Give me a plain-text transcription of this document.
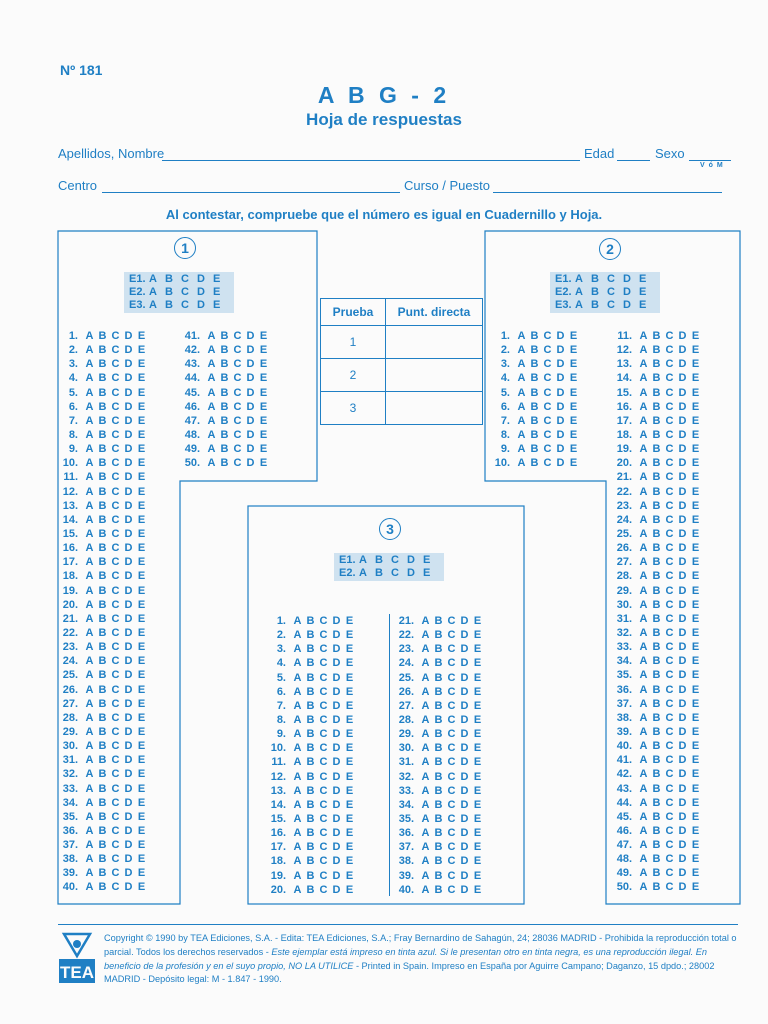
Nº 181
A B G - 2
Hoja de respuestas
Apellidos, Nombre	Edad	Sexo
V ó M
Centro	Curso / Puesto
Al contestar, compruebe que el número es igual en Cuadernillo y Hoja.
1	2
3
E1. A B C D E
E2. A B C D E
E3. A B C D E
E1. A B C D E
E2. A B C D E
E3. A B C D E
E1. A B C D E
E2. A B C D E
1. A B C D E
2. A B C D E
3. A B C D E
4. A B C D E
5. A B C D E
6. A B C D E
7. A B C D E
8. A B C D E
9. A B C D E
10. A B C D E
11. A B C D E
12. A B C D E
13. A B C D E
14. A B C D E
15. A B C D E
16. A B C D E
17. A B C D E
18. A B C D E
19. A B C D E
20. A B C D E
21. A B C D E
22. A B C D E
23. A B C D E
24. A B C D E
25. A B C D E
26. A B C D E
27. A B C D E
28. A B C D E
29. A B C D E
30. A B C D E
31. A B C D E
32. A B C D E
33. A B C D E
34. A B C D E
35. A B C D E
36. A B C D E
37. A B C D E
38. A B C D E
39. A B C D E
40. A B C D E
41. A B C D E
42. A B C D E
43. A B C D E
44. A B C D E
45. A B C D E
46. A B C D E
47. A B C D E
48. A B C D E
49. A B C D E
50. A B C D E
1. A B C D E
2. A B C D E
3. A B C D E
4. A B C D E
5. A B C D E
6. A B C D E
7. A B C D E
8. A B C D E
9. A B C D E
10. A B C D E
11. A B C D E
12. A B C D E
13. A B C D E
14. A B C D E
15. A B C D E
16. A B C D E
17. A B C D E
18. A B C D E
19. A B C D E
20. A B C D E
21. A B C D E
22. A B C D E
23. A B C D E
24. A B C D E
25. A B C D E
26. A B C D E
27. A B C D E
28. A B C D E
29. A B C D E
30. A B C D E
31. A B C D E
32. A B C D E
33. A B C D E
34. A B C D E
35. A B C D E
36. A B C D E
37. A B C D E
38. A B C D E
39. A B C D E
40. A B C D E
41. A B C D E
42. A B C D E
43. A B C D E
44. A B C D E
45. A B C D E
46. A B C D E
47. A B C D E
48. A B C D E
49. A B C D E
50. A B C D E
1. A B C D E
2. A B C D E
3. A B C D E
4. A B C D E
5. A B C D E
6. A B C D E
7. A B C D E
8. A B C D E
9. A B C D E
10. A B C D E
11. A B C D E
12. A B C D E
13. A B C D E
14. A B C D E
15. A B C D E
16. A B C D E
17. A B C D E
18. A B C D E
19. A B C D E
20. A B C D E
21. A B C D E
22. A B C D E
23. A B C D E
24. A B C D E
25. A B C D E
26. A B C D E
27. A B C D E
28. A B C D E
29. A B C D E
30. A B C D E
31. A B C D E
32. A B C D E
33. A B C D E
34. A B C D E
35. A B C D E
36. A B C D E
37. A B C D E
38. A B C D E
39. A B C D E
40. A B C D E
Prueba	Punt. directa
1	
2	
3	
TEA
Copyright © 1990 by TEA Ediciones, S.A. - Edita: TEA Ediciones, S.A.; Fray Bernardino de Sahagún, 24; 28036 MADRID - Prohibida la reproducción total o parcial. Todos los derechos reservados - Este ejemplar está impreso en tinta azul. Si le presentan otro en tinta negra, es una reproducción ilegal. En beneficio de la profesión y en el suyo propio, NO LA UTILICE - Printed in Spain. Impreso en España por Aguirre Campano; Daganzo, 15 dpdo.; 28002 MADRID - Depósito legal: M - 1.847 - 1990.
